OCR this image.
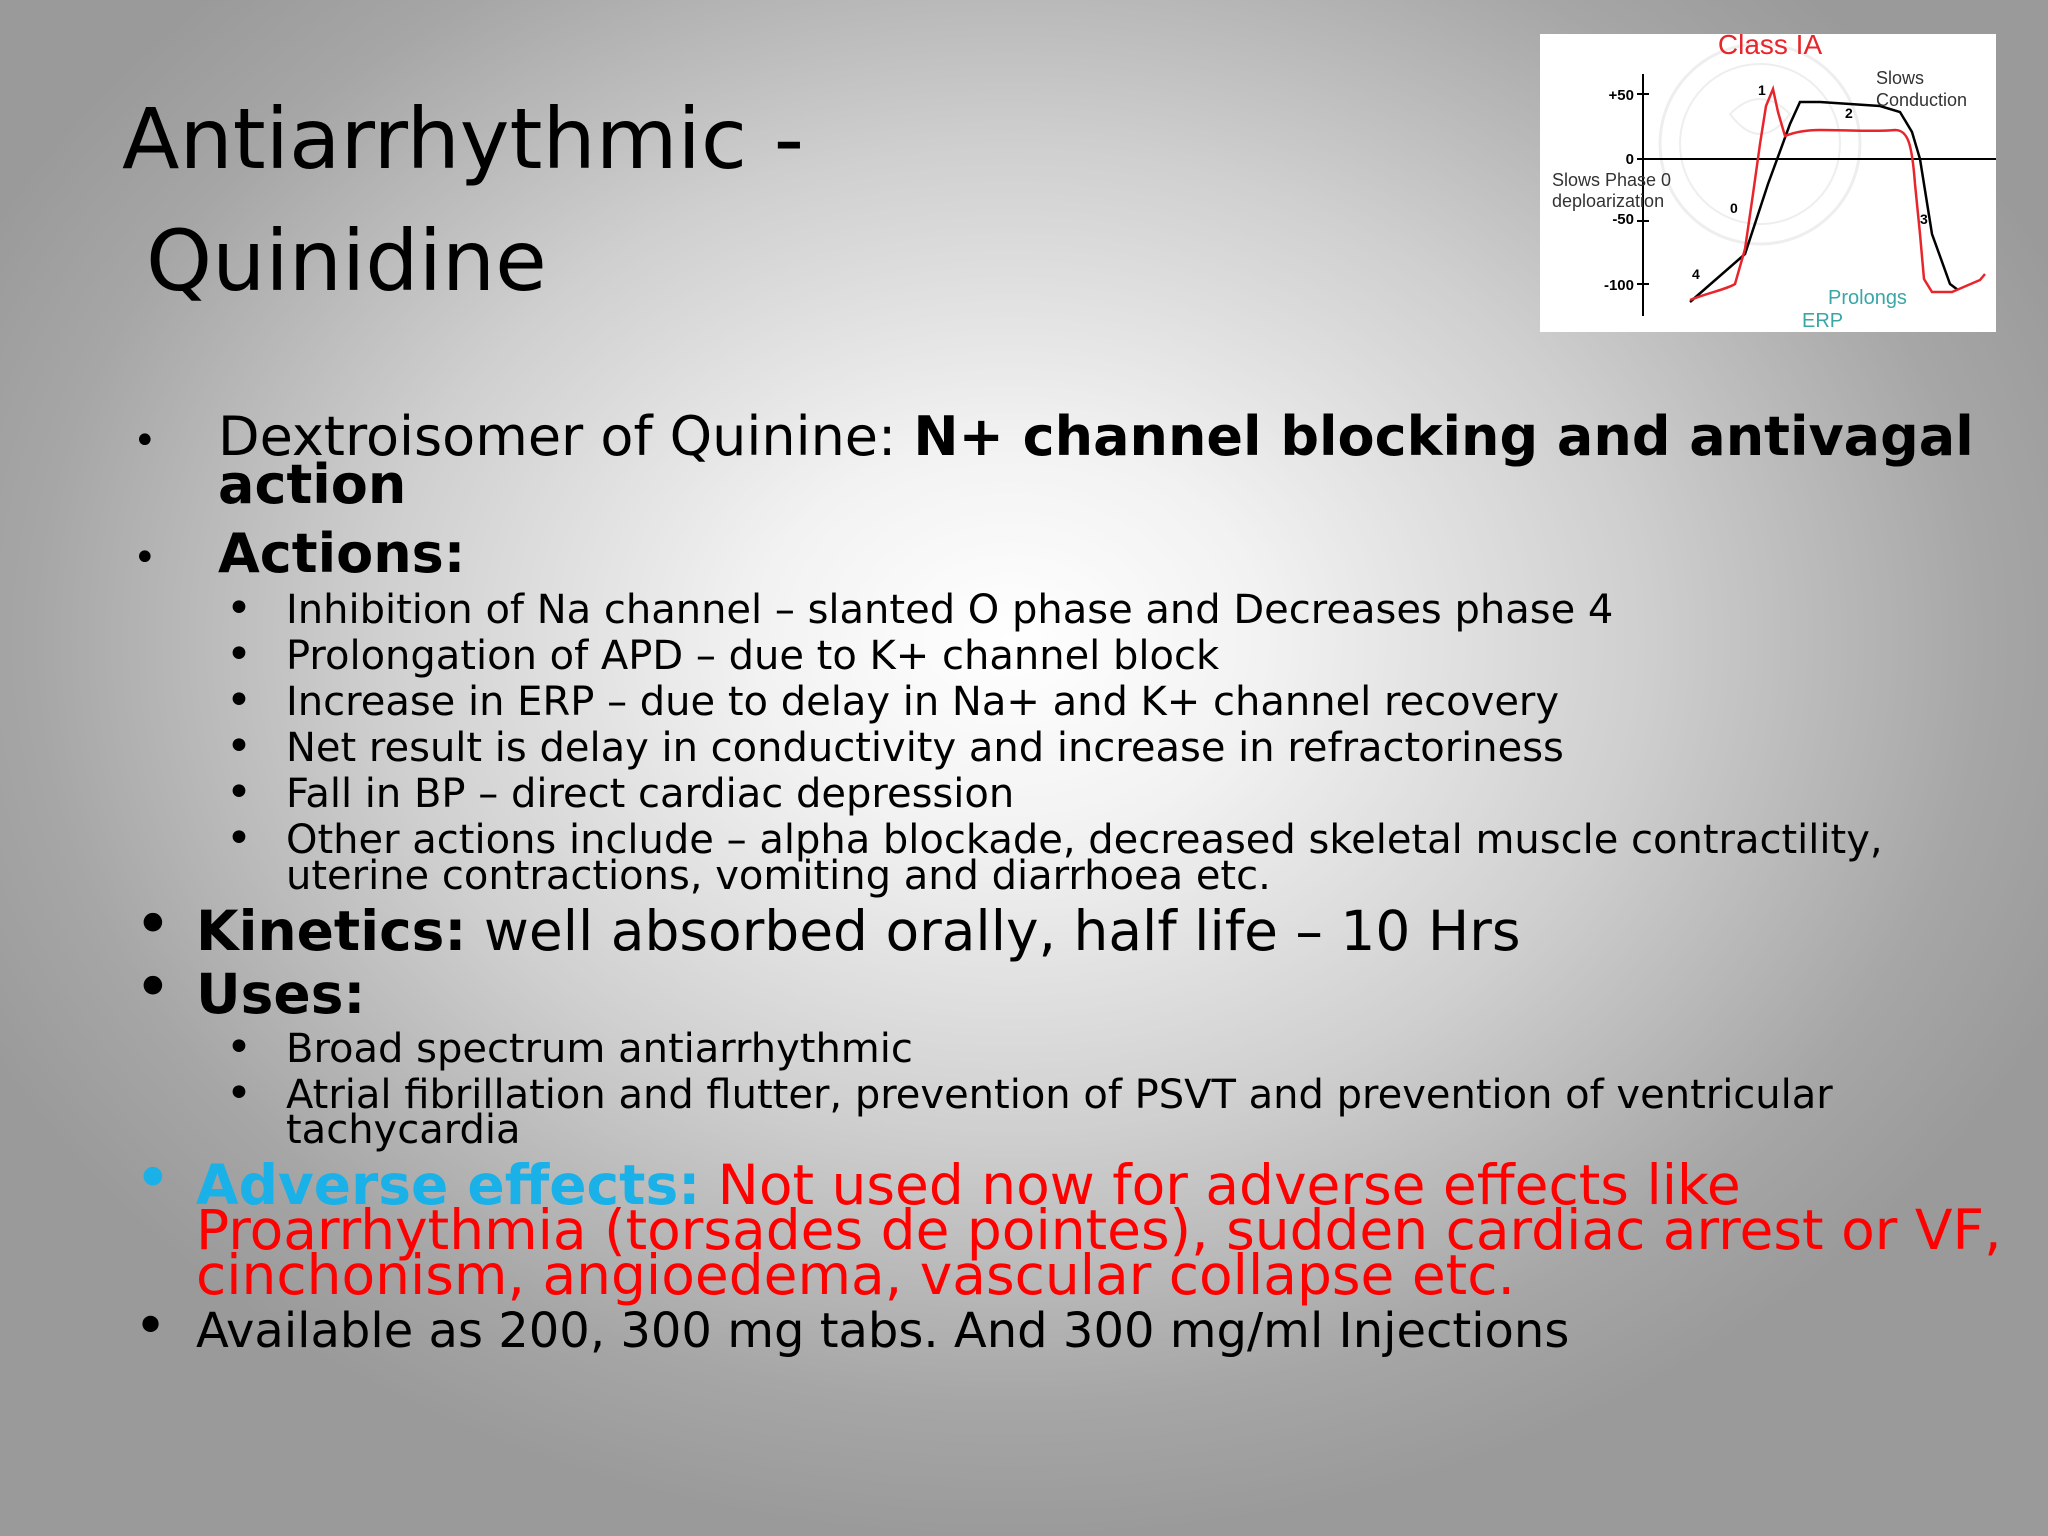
Antiarrhythmic -
Quinidine
+50
0
-50
-100
Class IA
1
2
0
3
4
Slows
Conduction
Slows Phase 0
deploarization
Prolongs
ERP
• Dextroisomer of Quinine: N+ channel blocking and antivagal
action
• Actions:
• Inhibition of Na channel – slanted O phase and Decreases phase 4
• Prolongation of APD – due to K+ channel block
• Increase in ERP – due to delay in Na+ and K+ channel recovery
• Net result is delay in conductivity and increase in refractoriness
• Fall in BP – direct cardiac depression
• Other actions include – alpha blockade, decreased skeletal muscle contractility,
uterine contractions, vomiting and diarrhoea etc.
• Kinetics: well absorbed orally, half life – 10 Hrs
• Uses:
• Broad spectrum antiarrhythmic
• Atrial fibrillation and flutter, prevention of PSVT and prevention of ventricular
tachycardia
• Adverse effects: Not used now for adverse effects like
Proarrhythmia (torsades de pointes), sudden cardiac arrest or VF,
cinchonism, angioedema, vascular collapse etc.
• Available as 200, 300 mg tabs. And 300 mg/ml Injections
